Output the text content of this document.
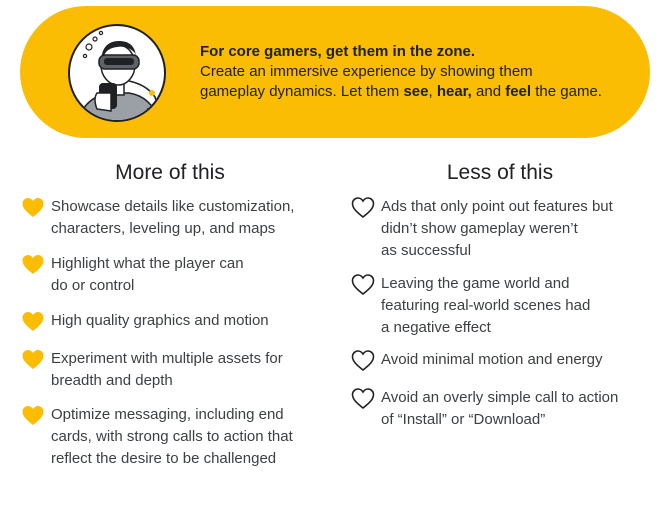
For core gamers, get them in the zone.
Create an immersive experience by showing them
gameplay dynamics. Let them see, hear, and feel the game.
More of this
Showcase details like customization,
characters, leveling up, and maps
Highlight what the player can
do or control
High quality graphics and motion
Experiment with multiple assets for
breadth and depth
Optimize messaging, including end
cards, with strong calls to action that
reflect the desire to be challenged
Less of this
Ads that only point out features but
didn’t show gameplay weren’t
as successful
Leaving the game world and
featuring real-world scenes had
a negative effect
Avoid minimal motion and energy
Avoid an overly simple call to action
of “Install” or “Download”
